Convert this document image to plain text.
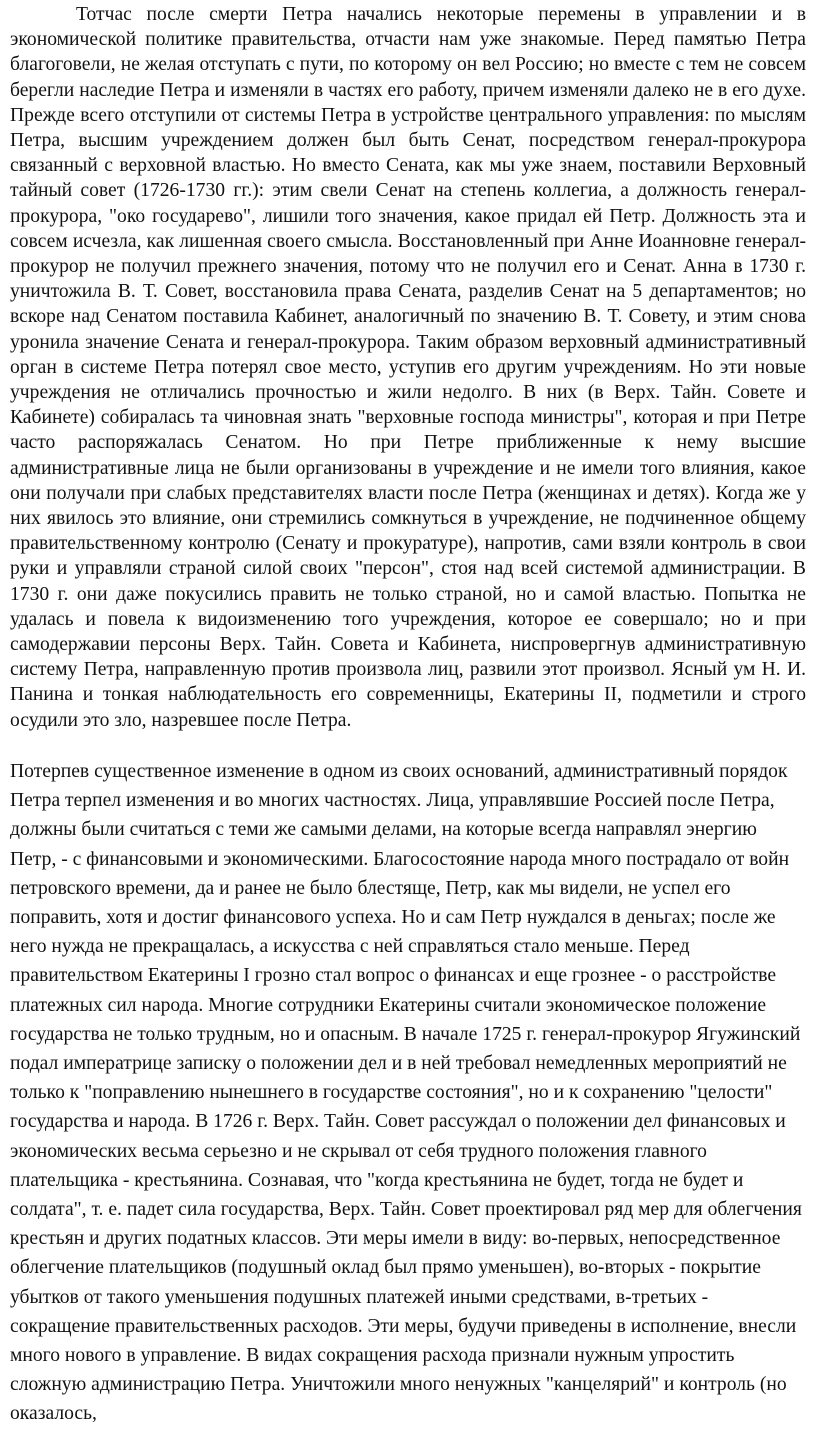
Тотчас после смерти Петра начались некоторые перемены в управлении и в экономической политике правительства, отчасти нам уже знакомые. Перед памятью Петра благоговели, не желая отступать с пути, по которому он вел Россию; но вместе с тем не совсем берегли наследие Петра и изменяли в частях его работу, причем изменяли далеко не в его духе. Прежде всего отступили от системы Петра в устройстве центрального управления: по мыслям Петра, высшим учреждением должен был быть Сенат, посредством генерал-прокурора связанный с верховной властью. Но вместо Сената, как мы уже знаем, поставили Верховный тайный совет (1726-1730 гг.): этим свели Сенат на степень коллегиа, а должность генерал-прокурора, "око государево", лишили того значения, какое придал ей Петр. Должность эта и совсем исчезла, как лишенная своего смысла. Восстановленный при Анне Иоанновне генерал-прокурор не получил прежнего значения, потому что не получил его и Сенат. Анна в 1730 г. уничтожила В. Т. Совет, восстановила права Сената, разделив Сенат на 5 департаментов; но вскоре над Сенатом поставила Кабинет, аналогичный по значению В. Т. Совету, и этим снова уронила значение Сената и генерал-прокурора. Таким образом верховный административный орган в системе Петра потерял свое место, уступив его другим учреждениям. Но эти новые учреждения не отличались прочностью и жили недолго. В них (в Верх. Тайн. Совете и Кабинете) собиралась та чиновная знать "верховные господа министры", которая и при Петре часто распоряжалась Сенатом. Но при Петре приближенные к нему высшие административные лица не были организованы в учреждение и не имели того влияния, какое они получали при слабых представителях власти после Петра (женщинах и детях). Когда же у них явилось это влияние, они стремились сомкнуться в учреждение, не подчиненное общему правительственному контролю (Сенату и прокуратуре), напротив, сами взяли контроль в свои руки и управляли страной силой своих "персон", стоя над всей системой администрации. В 1730 г. они даже покусились править не только страной, но и самой властью. Попытка не удалась и повела к видоизменению того учреждения, которое ее совершало; но и при самодержавии персоны Верх. Тайн. Совета и Кабинета, ниспровергнув административную систему Петра, направленную против произвола лиц, развили этот произвол. Ясный ум Н. И. Панина и тонкая наблюдательность его современницы, Екатерины II, подметили и строго осудили это зло, назревшее после Петра.

Потерпев существенное изменение в одном из своих оснований, административный порядок Петра терпел изменения и во многих частностях. Лица, управлявшие Россией после Петра, должны были считаться с теми же самыми делами, на которые всегда направлял энергию Петр, - с финансовыми и экономическими. Благосостояние народа много пострадало от войн петровского времени, да и ранее не было блестяще, Петр, как мы видели, не успел его поправить, хотя и достиг финансового успеха. Но и сам Петр нуждался в деньгах; после же него нужда не прекращалась, а искусства с ней справляться стало меньше. Перед правительством Екатерины I грозно стал вопрос о финансах и еще грознее - о расстройстве платежных сил народа. Многие сотрудники Екатерины считали экономическое положение государства не только трудным, но и опасным. В начале 1725 г. генерал-прокурор Ягужинский подал императрице записку о положении дел и в ней требовал немедленных мероприятий не только к "поправлению нынешнего в государстве состояния", но и к сохранению "целости" государства и народа. В 1726 г. Верх. Тайн. Совет рассуждал о положении дел финансовых и экономических весьма серьезно и не скрывал от себя трудного положения главного плательщика - крестьянина. Сознавая, что "когда крестьянина не будет, тогда не будет и солдата", т. е. падет сила государства, Верх. Тайн. Совет проектировал ряд мер для облегчения крестьян и других податных классов. Эти меры имели в виду: во-первых, непосредственное облегчение плательщиков (подушный оклад был прямо уменьшен), во-вторых - покрытие убытков от такого уменьшения подушных платежей иными средствами, в-третьих - сокращение правительственных расходов. Эти меры, будучи приведены в исполнение, внесли много нового в управление. В видах сокращения расхода признали нужным упростить сложную администрацию Петра. Уничтожили много ненужных "канцелярий" и контроль (но оказалось,
